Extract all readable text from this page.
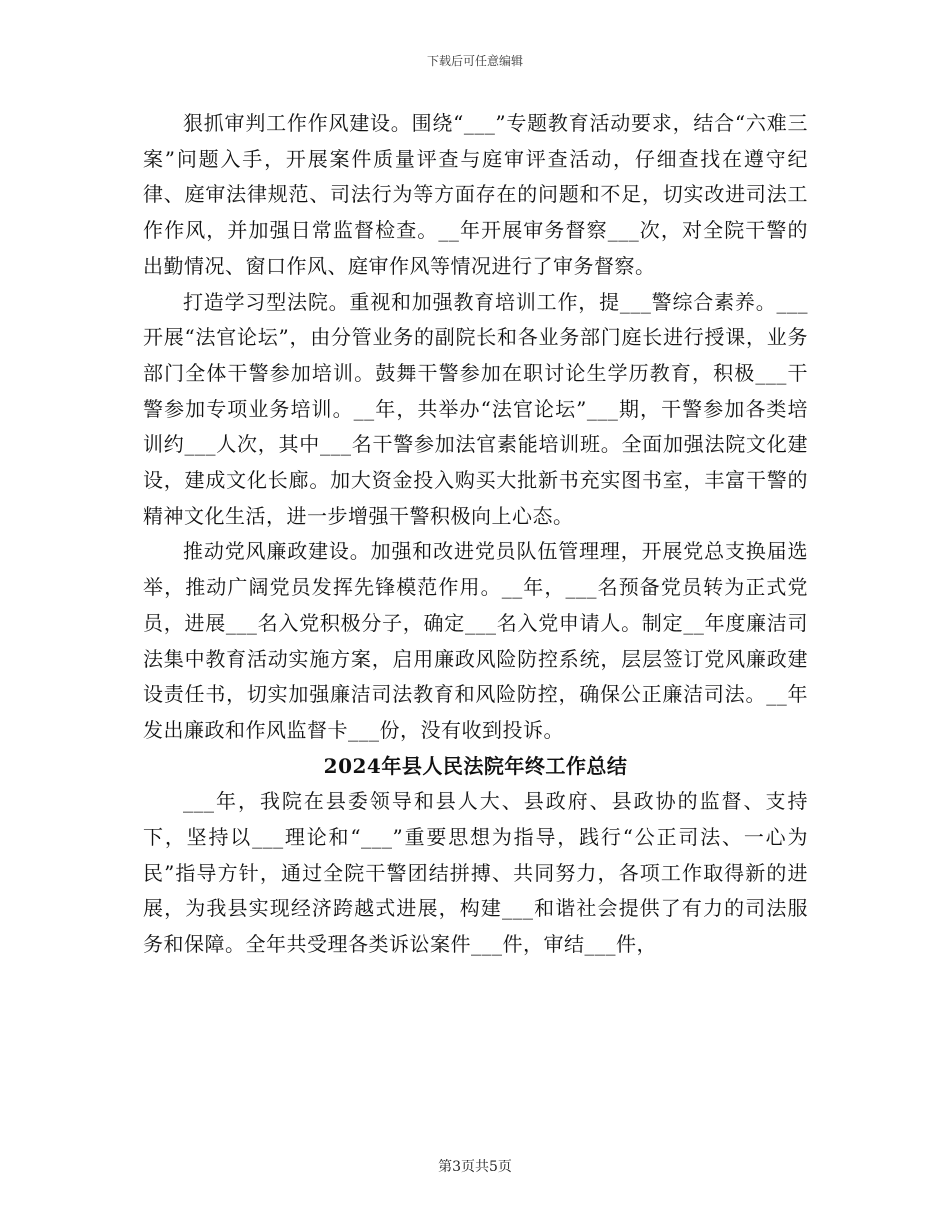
下载后可任意编辑

狠抓审判工作作风建设。围绕“___”专题教育活动要求，结合“六难三案”问题入手，开展案件质量评查与庭审评查活动，仔细查找在遵守纪律、庭审法律规范、司法行为等方面存在的问题和不足，切实改进司法工作作风，并加强日常监督检查。__年开展审务督察___次，对全院干警的出勤情况、窗口作风、庭审作风等情况进行了审务督察。

打造学习型法院。重视和加强教育培训工作，提___警综合素养。___开展“法官论坛”，由分管业务的副院长和各业务部门庭长进行授课，业务部门全体干警参加培训。鼓舞干警参加在职讨论生学历教育，积极___干警参加专项业务培训。__年，共举办“法官论坛”___期，干警参加各类培训约___人次，其中___名干警参加法官素能培训班。全面加强法院文化建设，建成文化长廊。加大资金投入购买大批新书充实图书室，丰富干警的精神文化生活，进一步增强干警积极向上心态。

推动党风廉政建设。加强和改进党员队伍管理理，开展党总支换届选举，推动广阔党员发挥先锋模范作用。__年，___名预备党员转为正式党员，进展___名入党积极分子，确定___名入党申请人。制定__年度廉洁司法集中教育活动实施方案，启用廉政风险防控系统，层层签订党风廉政建设责任书，切实加强廉洁司法教育和风险防控，确保公正廉洁司法。__年发出廉政和作风监督卡___份，没有收到投诉。

2024年县人民法院年终工作总结

___年，我院在县委领导和县人大、县政府、县政协的监督、支持下，坚持以___理论和“___”重要思想为指导，践行“公正司法、一心为民”指导方针，通过全院干警团结拼搏、共同努力，各项工作取得新的进展，为我县实现经济跨越式进展，构建___和谐社会提供了有力的司法服务和保障。全年共受理各类诉讼案件___件，审结___件，

第3页共5页
